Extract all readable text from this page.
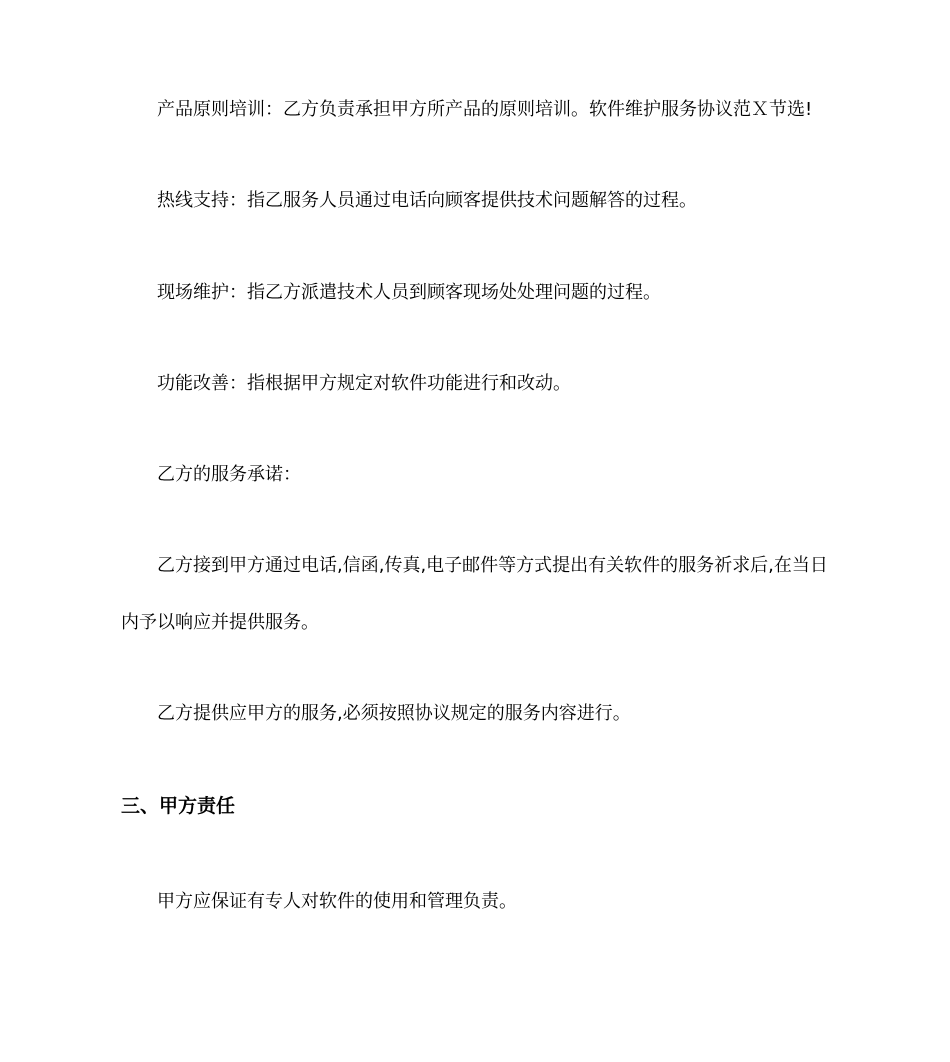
产品原则培训：乙方负责承担甲方所产品的原则培训。软件维护服务协议范Ｘ节选!
热线支持：指乙服务人员通过电话向顾客提供技术问题解答的过程。
现场维护：指乙方派遣技术人员到顾客现场处处理问题的过程。
功能改善：指根据甲方规定对软件功能进行和改动。
乙方的服务承诺：
乙方接到甲方通过电话,信函,传真,电子邮件等方式提出有关软件的服务祈求后,在当日
内予以响应并提供服务。
乙方提供应甲方的服务,必须按照协议规定的服务内容进行。
三、甲方责任
甲方应保证有专人对软件的使用和管理负责。
